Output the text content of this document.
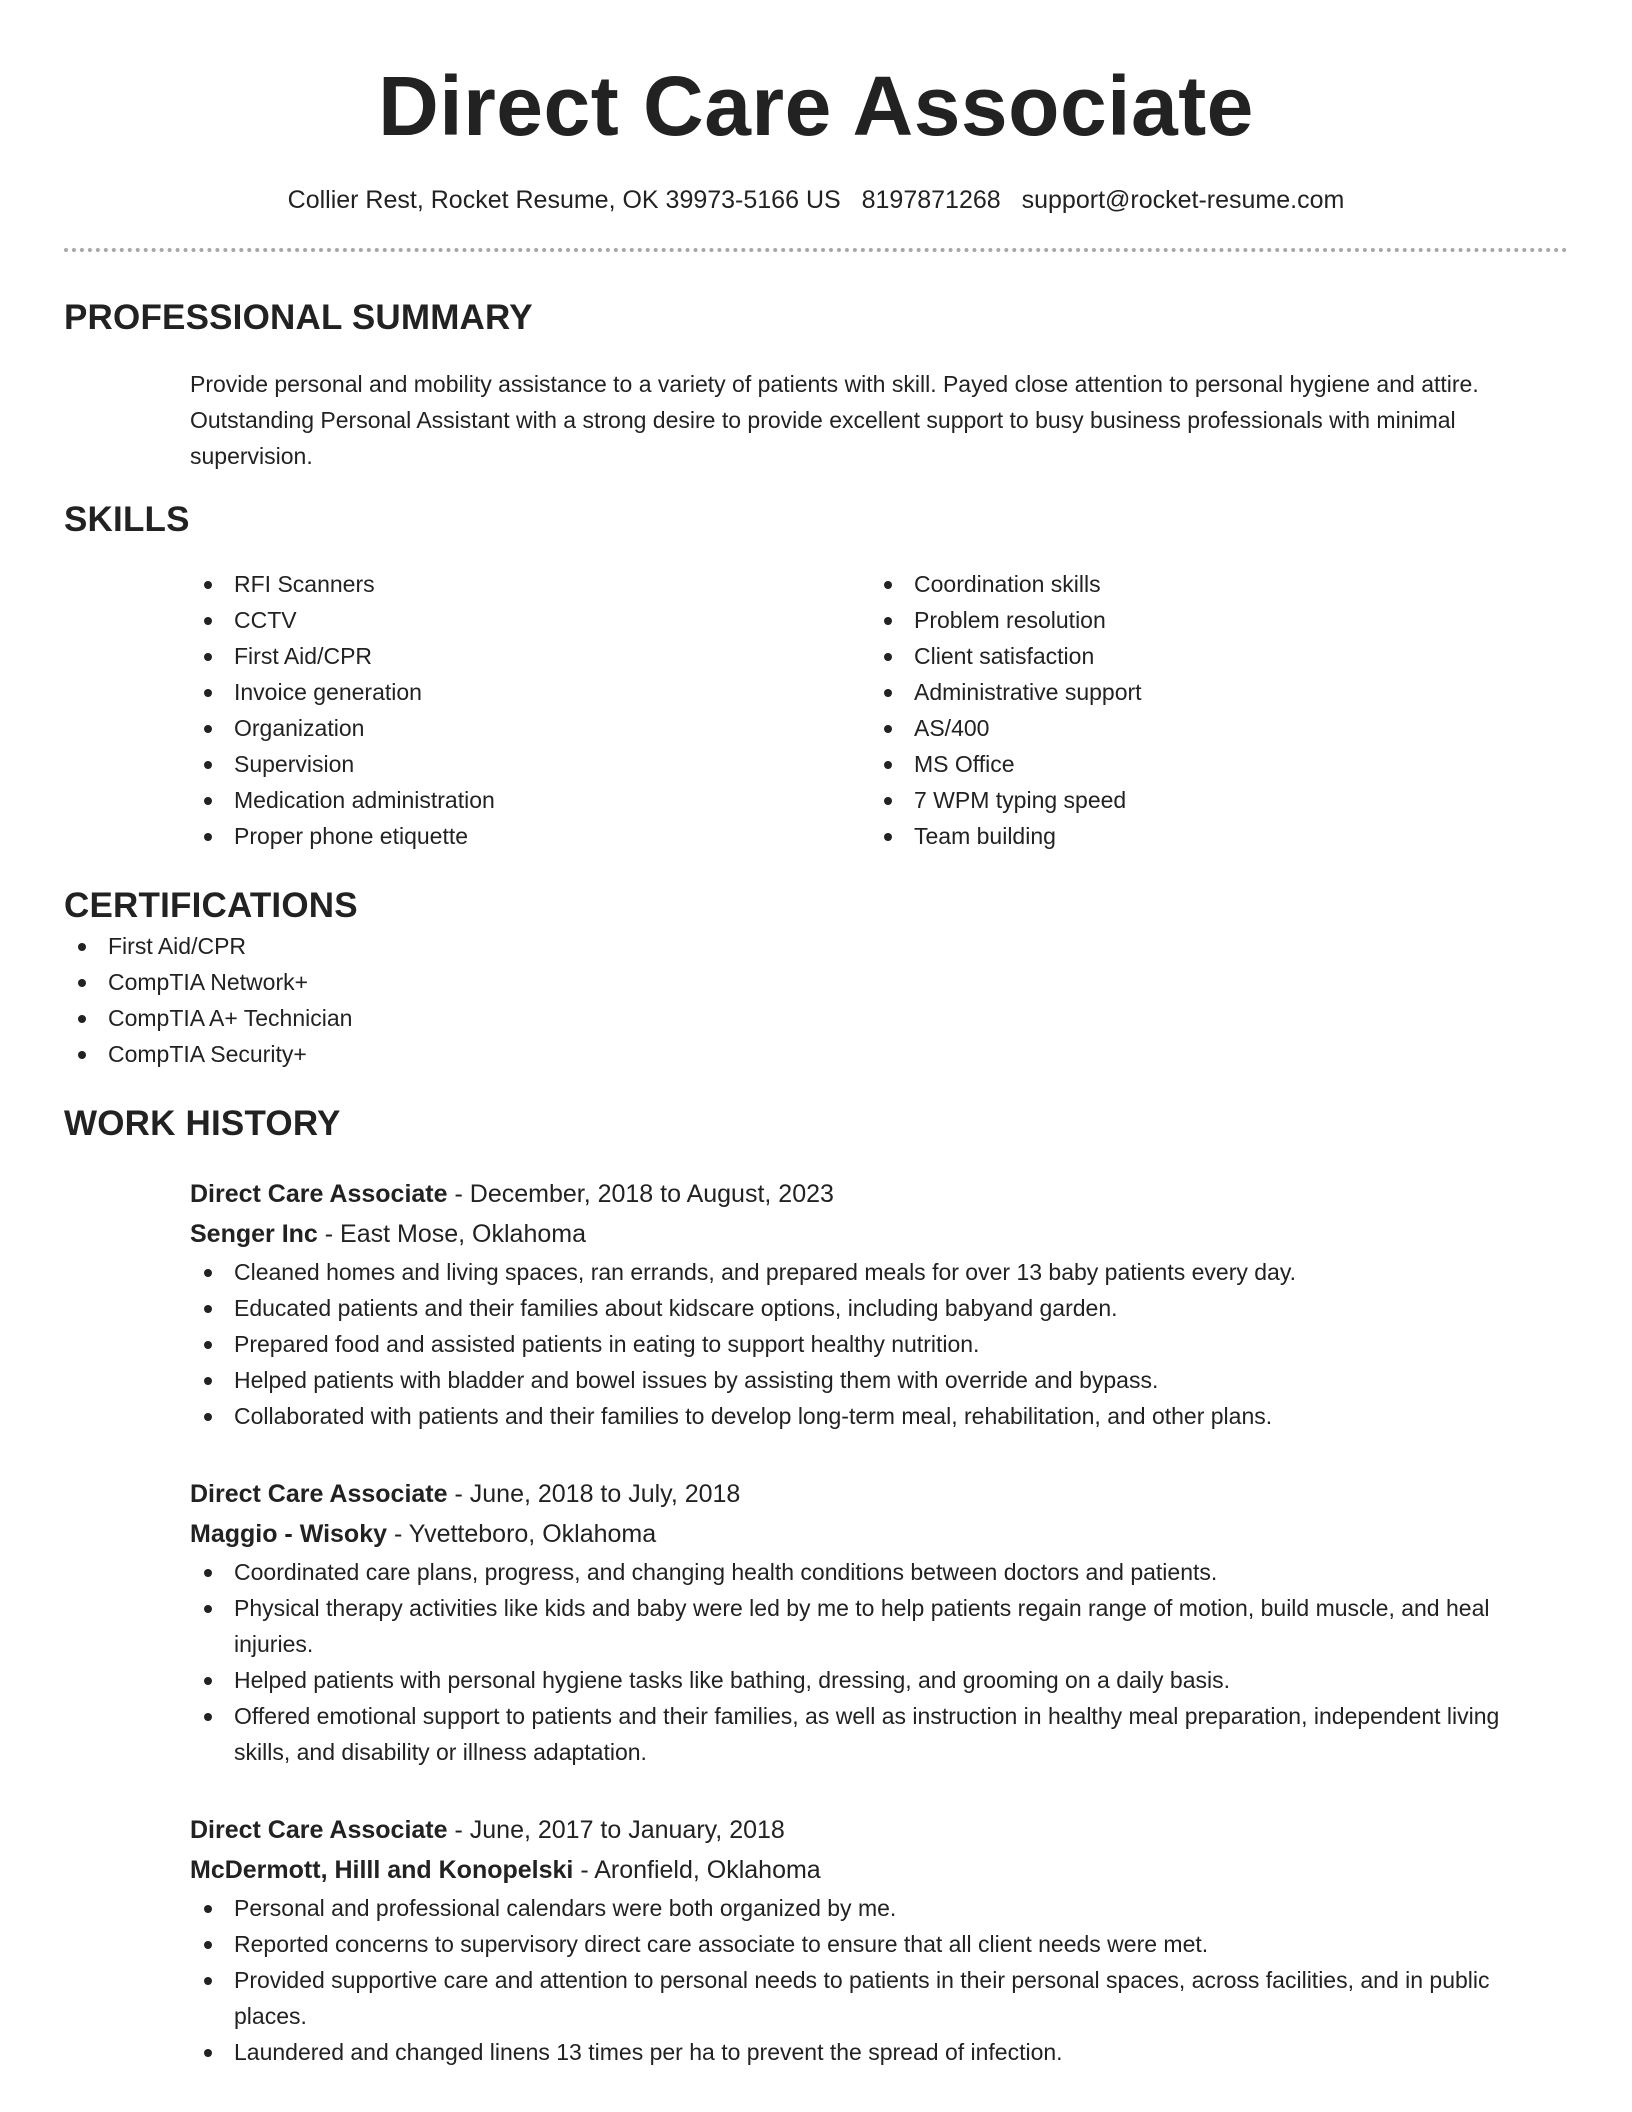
Direct Care Associate
Collier Rest, Rocket Resume, OK 39973-5166 US 8197871268 support@rocket-resume.com
PROFESSIONAL SUMMARY

Provide personal and mobility assistance to a variety of patients with skill. Payed close attention to personal hygiene and attire. Outstanding Personal Assistant with a strong desire to provide excellent support to busy business professionals with minimal supervision.

SKILLS
RFI Scanners
CCTV
First Aid/CPR
Invoice generation
Organization
Supervision
Medication administration
Proper phone etiquette
Coordination skills
Problem resolution
Client satisfaction
Administrative support
AS/400
MS Office
7 WPM typing speed
Team building
CERTIFICATIONS
First Aid/CPR
CompTIA Network+
CompTIA A+ Technician
CompTIA Security+
WORK HISTORY
Direct Care Associate - December, 2018 to August, 2023
Senger Inc - East Mose, Oklahoma
Cleaned homes and living spaces, ran errands, and prepared meals for over 13 baby patients every day.
Educated patients and their families about kidscare options, including babyand garden.
Prepared food and assisted patients in eating to support healthy nutrition.
Helped patients with bladder and bowel issues by assisting them with override and bypass.
Collaborated with patients and their families to develop long-term meal, rehabilitation, and other plans.
Direct Care Associate - June, 2018 to July, 2018
Maggio - Wisoky - Yvetteboro, Oklahoma
Coordinated care plans, progress, and changing health conditions between doctors and patients.
Physical therapy activities like kids and baby were led by me to help patients regain range of motion, build muscle, and heal injuries.
Helped patients with personal hygiene tasks like bathing, dressing, and grooming on a daily basis.
Offered emotional support to patients and their families, as well as instruction in healthy meal preparation, independent living skills, and disability or illness adaptation.
Direct Care Associate - June, 2017 to January, 2018
McDermott, Hilll and Konopelski - Aronfield, Oklahoma
Personal and professional calendars were both organized by me.
Reported concerns to supervisory direct care associate to ensure that all client needs were met.
Provided supportive care and attention to personal needs to patients in their personal spaces, across facilities, and in public places.
Laundered and changed linens 13 times per ha to prevent the spread of infection.
